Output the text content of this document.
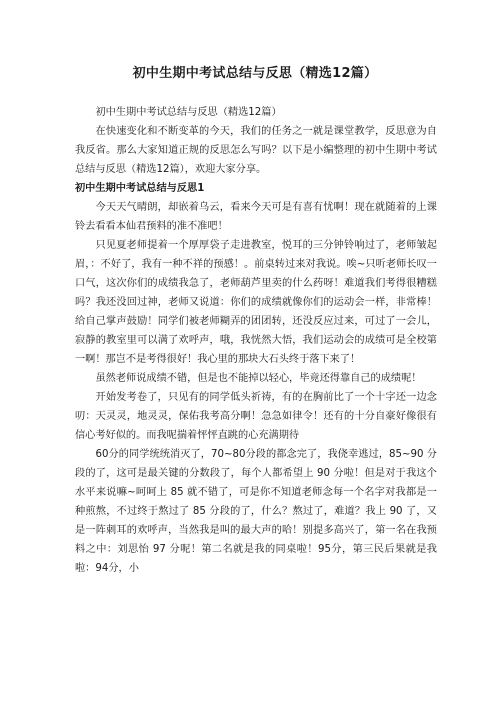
初中生期中考试总结与反思（精选12篇）

初中生期中考试总结与反思（精选12篇）

在快速变化和不断变革的今天，我们的任务之一就是课堂教学，反思意为自我反省。那么大家知道正规的反思怎么写吗？以下是小编整理的初中生期中考试总结与反思（精选12篇），欢迎大家分享。

初中生期中考试总结与反思1

今天天气晴朗，却嵌着乌云，看来今天可是有喜有忧啊！现在就随着的上课铃去看看本仙君预料的准不准吧！

只见夏老师提着一个厚厚袋子走进教室，悦耳的三分钟铃响过了，老师皱起眉，：不好了，我有一种不祥的预感！。前桌转过来对我说。唉~只听老师长叹一口气，这次你们的成绩我急了，老师葫芦里卖的什么药呀！难道我们考得很糟糕吗？我还没回过神，老师又说道：你们的成绩就像你们的运动会一样，非常棒！给自己掌声鼓励！同学们被老师糊弄的团团转，还没反应过来，可过了一会儿，寂静的教室里可以满了欢呼声，哦，我恍然大悟，我们运动会的成绩可是全校第一啊！那岂不是考得很好！我心里的那块大石头终于落下来了！

虽然老师说成绩不错，但是也不能掉以轻心，毕竟还得靠自己的成绩呢！

开始发考卷了，只见有的同学低头祈祷，有的在胸前比了一个十字还一边念叨：天灵灵，地灵灵，保佑我考高分啊！急急如律令！还有的十分自豪好像很有信心考好似的。而我呢揣着怦怦直跳的心充满期待

60分的同学统统消灭了，70~80分段的都念完了，我侥幸逃过，85~90 分段的了，这可是最关键的分数段了，每个人都希望上 90 分啦！但是对于我这个水平来说嘛~呵呵上 85 就不错了，可是你不知道老师念每一个名字对我都是一种煎熬，不过终于熬过了 85 分段的了，什么？熬过了，难道？我上 90 了，又是一阵刺耳的欢呼声，当然我是叫的最大声的哈！别提多高兴了，第一名在我预料之中：刘思怡 97 分呢！第二名就是我的同桌啦！95分，第三民后果就是我啦：94分，小
